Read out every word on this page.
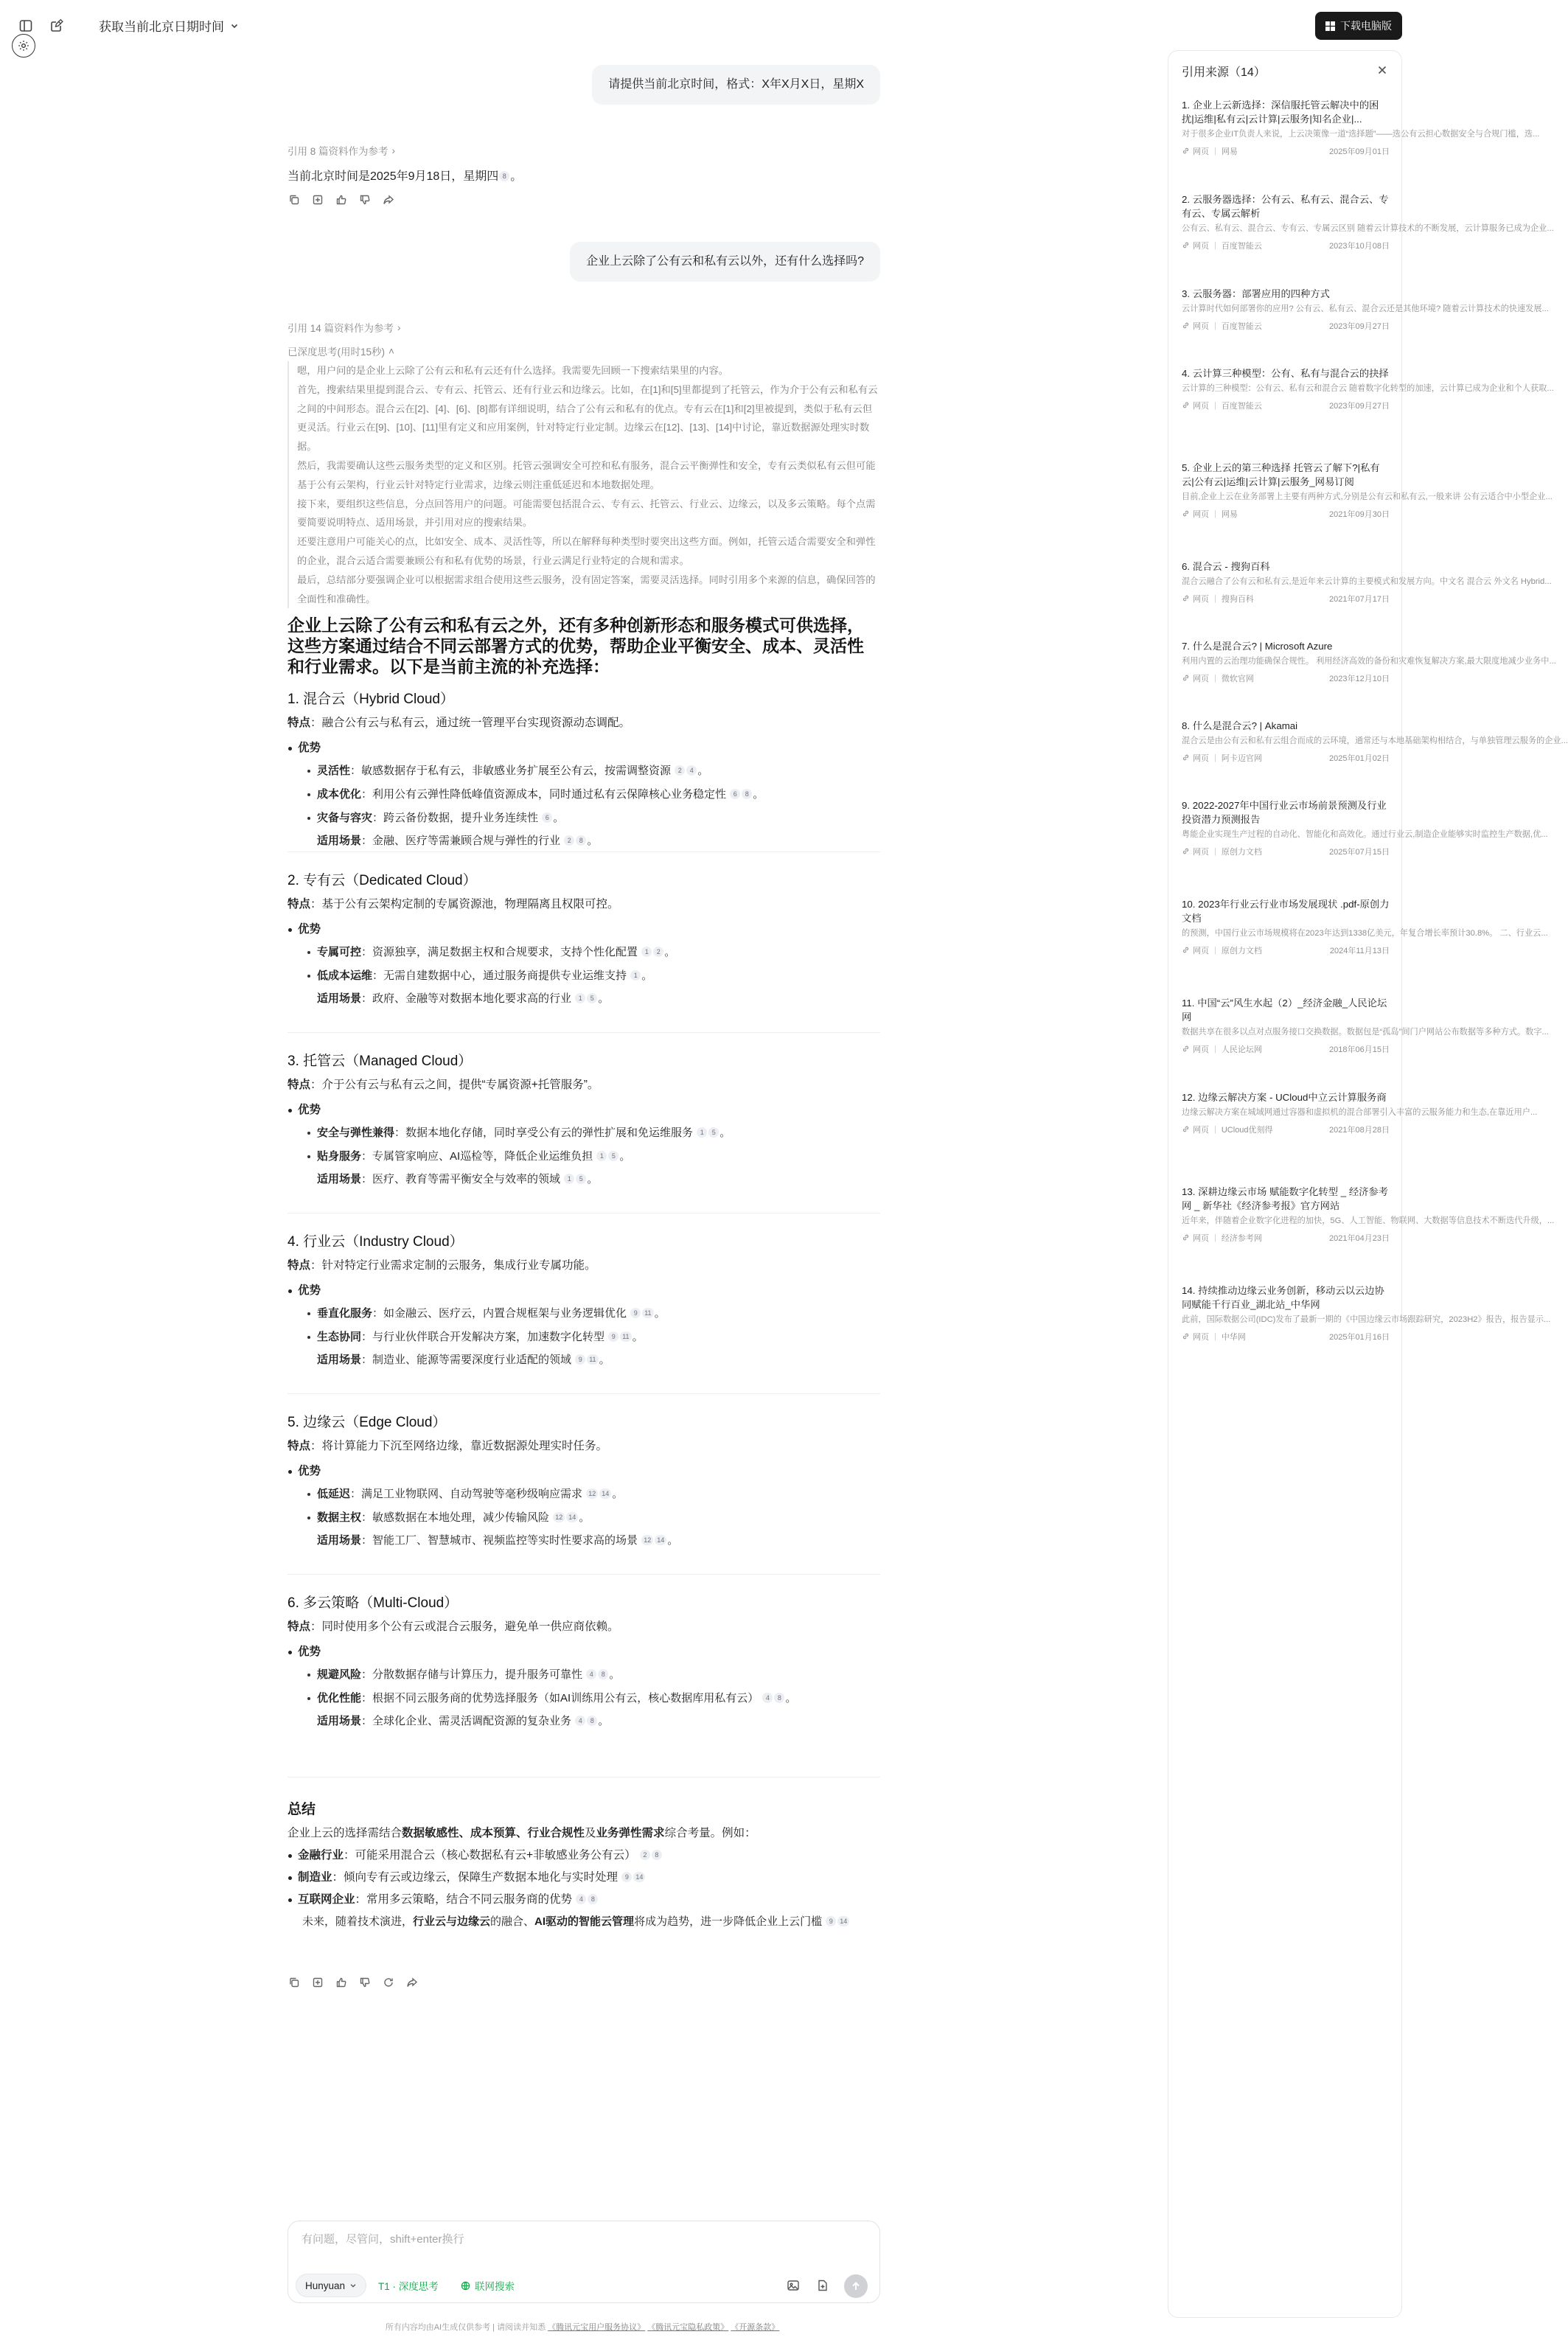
获取当前北京日期时间	下载电脑版
请提供当前北京时间，格式：X年X月X日，星期X
引用 8 篇资料作为参考 ›
当前北京时间是2025年9月18日，星期四 8 。
企业上云除了公有云和私有云以外，还有什么选择吗?
引用 14 篇资料作为参考 ›
已深度思考(用时15秒) ˄

嗯，用户问的是企业上云除了公有云和私有云还有什么选择。我需要先回顾一下搜索结果里的内容。

首先，搜索结果里提到混合云、专有云、托管云、还有行业云和边缘云。比如，在[1]和[5]里都提到了托管云，作为介于公有云和私有云之间的中间形态。混合云在[2]、[4]、[6]、[8]都有详细说明，结合了公有云和私有的优点。专有云在[1]和[2]里被提到，类似于私有云但更灵活。行业云在[9]、[10]、[11]里有定义和应用案例，针对特定行业定制。边缘云在[12]、[13]、[14]中讨论，靠近数据源处理实时数据。

然后，我需要确认这些云服务类型的定义和区别。托管云强调安全可控和私有服务，混合云平衡弹性和安全，专有云类似私有云但可能基于公有云架构，行业云针对特定行业需求，边缘云则注重低延迟和本地数据处理。

接下来，要组织这些信息，分点回答用户的问题。可能需要包括混合云、专有云、托管云、行业云、边缘云，以及多云策略。每个点需要简要说明特点、适用场景，并引用对应的搜索结果。

还要注意用户可能关心的点，比如安全、成本、灵活性等，所以在解释每种类型时要突出这些方面。例如，托管云适合需要安全和弹性的企业，混合云适合需要兼顾公有和私有优势的场景，行业云满足行业特定的合规和需求。

最后，总结部分要强调企业可以根据需求组合使用这些云服务，没有固定答案，需要灵活选择。同时引用多个来源的信息，确保回答的全面性和准确性。

企业上云除了公有云和私有云之外，还有多种创新形态和服务模式可供选择，这些方案通过结合不同云部署方式的优势，帮助企业平衡安全、成本、灵活性和行业需求。以下是当前主流的补充选择：
1. 混合云（Hybrid Cloud）
特点：融合公有云与私有云，通过统一管理平台实现资源动态调配。
优势
灵活性：敏感数据存于私有云，非敏感业务扩展至公有云，按需调整资源 2 4 。
成本优化：利用公有云弹性降低峰值资源成本，同时通过私有云保障核心业务稳定性 6 8 。
灾备与容灾：跨云备份数据，提升业务连续性 6 。
适用场景：金融、医疗等需兼顾合规与弹性的行业 2 8 。
2. 专有云（Dedicated Cloud）
特点：基于公有云架构定制的专属资源池，物理隔离且权限可控。
优势
专属可控：资源独享，满足数据主权和合规要求，支持个性化配置 1 2 。
低成本运维：无需自建数据中心，通过服务商提供专业运维支持 1 。
适用场景：政府、金融等对数据本地化要求高的行业 1 5 。
3. 托管云（Managed Cloud）
特点：介于公有云与私有云之间，提供“专属资源+托管服务”。
优势
安全与弹性兼得：数据本地化存储，同时享受公有云的弹性扩展和免运维服务 1 5 。
贴身服务：专属管家响应、AI巡检等，降低企业运维负担 1 5 。
适用场景：医疗、教育等需平衡安全与效率的领域 1 5 。
4. 行业云（Industry Cloud）
特点：针对特定行业需求定制的云服务，集成行业专属功能。
优势
垂直化服务：如金融云、医疗云，内置合规框架与业务逻辑优化 9 11 。
生态协同：与行业伙伴联合开发解决方案，加速数字化转型 9 11 。
适用场景：制造业、能源等需要深度行业适配的领域 9 11 。
5. 边缘云（Edge Cloud）
特点：将计算能力下沉至网络边缘，靠近数据源处理实时任务。
优势
低延迟：满足工业物联网、自动驾驶等毫秒级响应需求 12 14 。
数据主权：敏感数据在本地处理，减少传输风险 12 14 。
适用场景：智能工厂、智慧城市、视频监控等实时性要求高的场景 12 14 。
6. 多云策略（Multi-Cloud）
特点：同时使用多个公有云或混合云服务，避免单一供应商依赖。
优势
规避风险：分散数据存储与计算压力，提升服务可靠性 4 8 。
优化性能：根据不同云服务商的优势选择服务（如AI训练用公有云，核心数据库用私有云） 4 8 。
适用场景：全球化企业、需灵活调配资源的复杂业务 4 8 。
总结
企业上云的选择需结合数据敏感性、成本预算、行业合规性及业务弹性需求综合考量。例如：
金融行业：可能采用混合云（核心数据私有云+非敏感业务公有云） 2 8
制造业：倾向专有云或边缘云，保障生产数据本地化与实时处理 9 14
互联网企业：常用多云策略，结合不同云服务商的优势 4 8
未来，随着技术演进，行业云与边缘云的融合、AI驱动的智能云管理将成为趋势，进一步降低企业上云门槛 9 14
有问题，尽管问，shift+enter换行
Hunyuan	T1 · 深度思考	联网搜索
所有内容均由AI生成仅供参考 | 请阅读并知悉 《腾讯元宝用户服务协议》 《腾讯元宝隐私政策》 《开源条款》
引用来源（14）
1. 企业上云新选择：深信服托管云解决中的困扰|运维|私有云|云计算|云服务|知名企业|...
对于很多企业IT负责人来说，上云决策像一道“选择题”——选公有云担心数据安全与合规门槛，选...
网页 | 网易	2025年09月01日
2. 云服务器选择：公有云、私有云、混合云、专有云、专属云解析
公有云、私有云、混合云、专有云、专属云区别 随着云计算技术的不断发展，云计算服务已成为企业...
网页 | 百度智能云	2023年10月08日
3. 云服务器：部署应用的四种方式
云计算时代如何部署你的应用? 公有云、私有云、混合云还是其他环境? 随着云计算技术的快速发展...
网页 | 百度智能云	2023年09月27日
4. 云计算三种模型：公有、私有与混合云的抉择
云计算的三种模型：公有云、私有云和混合云 随着数字化转型的加速，云计算已成为企业和个人获取...
网页 | 百度智能云	2023年09月27日
5. 企业上云的第三种选择 托管云了解下?|私有云|公有云|运维|云计算|云服务_网易订阅
目前,企业上云在业务部署上主要有两种方式,分别是公有云和私有云,一般来讲 公有云适合中小型企业...
网页 | 网易	2021年09月30日
6. 混合云 - 搜狗百科
混合云融合了公有云和私有云,是近年来云计算的主要模式和发展方向。中文名 混合云 外文名 Hybrid...
网页 | 搜狗百科	2021年07月17日
7. 什么是混合云? | Microsoft Azure
利用内置的云治理功能确保合规性。 利用经济高效的备份和灾难恢复解决方案,最大限度地减少业务中...
网页 | 微软官网	2023年12月10日
8. 什么是混合云? | Akamai
混合云是由公有云和私有云组合而成的云环境，通常还与本地基础架构相结合，与单独管理云服务的企业...
网页 | 阿卡迈官网	2025年01月02日
9. 2022-2027年中国行业云市场前景预测及行业投资潜力预测报告
粤能企业实现生产过程的自动化、智能化和高效化。通过行业云,制造企业能够实时监控生产数据,优...
网页 | 原创力文档	2025年07月15日
10. 2023年行业云行业市场发展现状 .pdf-原创力文档
的预测，中国行业云市场规模将在2023年达到1338亿美元，年复合增长率预计30.8%。 二、行业云...
网页 | 原创力文档	2024年11月13日
11. 中国“云”风生水起（2）_经济金融_人民论坛网
数据共享在很多以点对点服务接口交换数据。数据包是“孤岛”间门户网站公布数据等多种方式。数字...
网页 | 人民论坛网	2018年06月15日
12. 边缘云解决方案 - UCloud中立云计算服务商
边缘云解决方案在城域网通过容器和虚拟机的混合部署引入丰富的云服务能力和生态,在靠近用户...
网页 | UCloud优刻得	2021年08月28日
13. 深耕边缘云市场 赋能数字化转型 _ 经济参考网 _ 新华社《经济参考报》官方网站
近年来，伴随着企业数字化进程的加快，5G、人工智能、物联网、大数据等信息技术不断迭代升级，...
网页 | 经济参考网	2021年04月23日
14. 持续推动边缘云业务创新，移动云以云边协同赋能千行百业_湖北站_中华网
此前，国际数据公司(IDC)发布了最新一期的《中国边缘云市场跟踪研究，2023H2》报告，报告显示...
网页 | 中华网	2025年01月16日
